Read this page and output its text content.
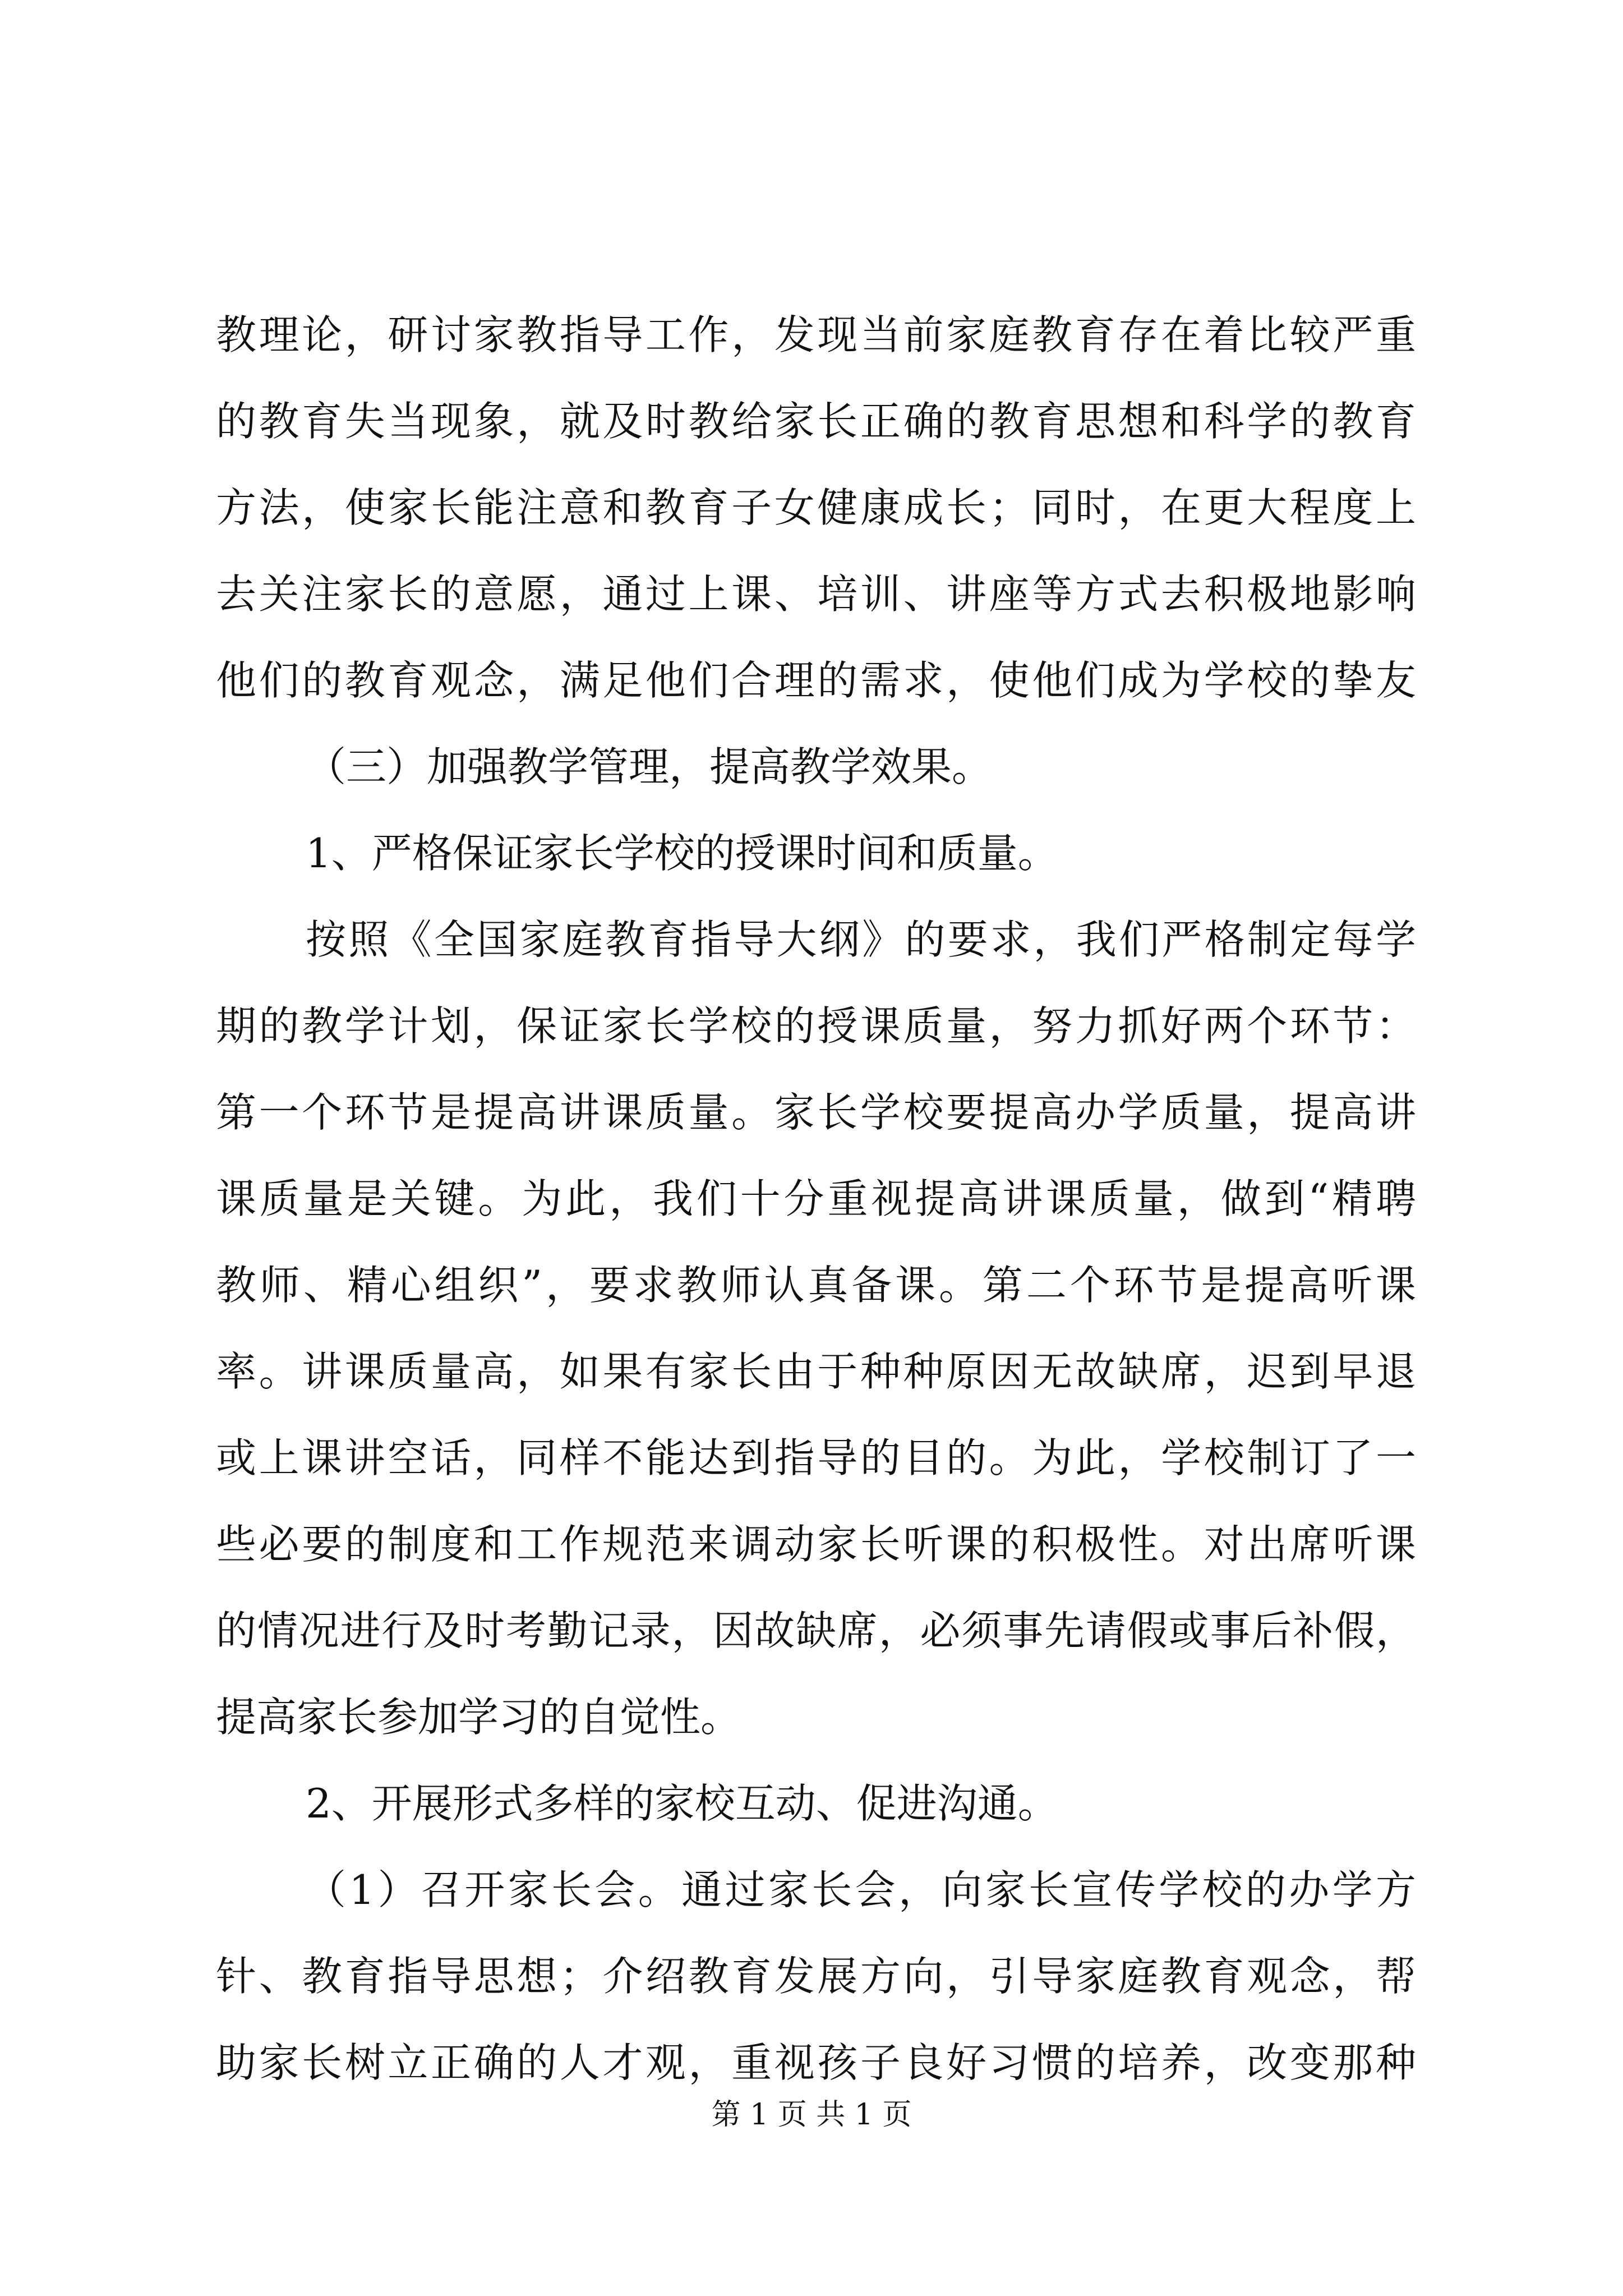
教理论，研讨家教指导工作，发现当前家庭教育存在着比较严重
的教育失当现象，就及时教给家长正确的教育思想和科学的教育
方法，使家长能注意和教育子女健康成长；同时，在更大程度上
去关注家长的意愿，通过上课、培训、讲座等方式去积极地影响
他们的教育观念，满足他们合理的需求，使他们成为学校的挚友
（三）加强教学管理，提高教学效果。
1、严格保证家长学校的授课时间和质量。
按照《全国家庭教育指导大纲》的要求，我们严格制定每学
期的教学计划，保证家长学校的授课质量，努力抓好两个环节：
第一个环节是提高讲课质量。家长学校要提高办学质量，提高讲
课质量是关键。为此，我们十分重视提高讲课质量，做到“精聘
教师、精心组织”，要求教师认真备课。第二个环节是提高听课
率。讲课质量高，如果有家长由于种种原因无故缺席，迟到早退
或上课讲空话，同样不能达到指导的目的。为此，学校制订了一
些必要的制度和工作规范来调动家长听课的积极性。对出席听课
的情况进行及时考勤记录，因故缺席，必须事先请假或事后补假，
提高家长参加学习的自觉性。
2、开展形式多样的家校互动、促进沟通。
（1）召开家长会。通过家长会，向家长宣传学校的办学方
针、教育指导思想；介绍教育发展方向，引导家庭教育观念，帮
助家长树立正确的人才观，重视孩子良好习惯的培养，改变那种
第 1 页 共 1 页
